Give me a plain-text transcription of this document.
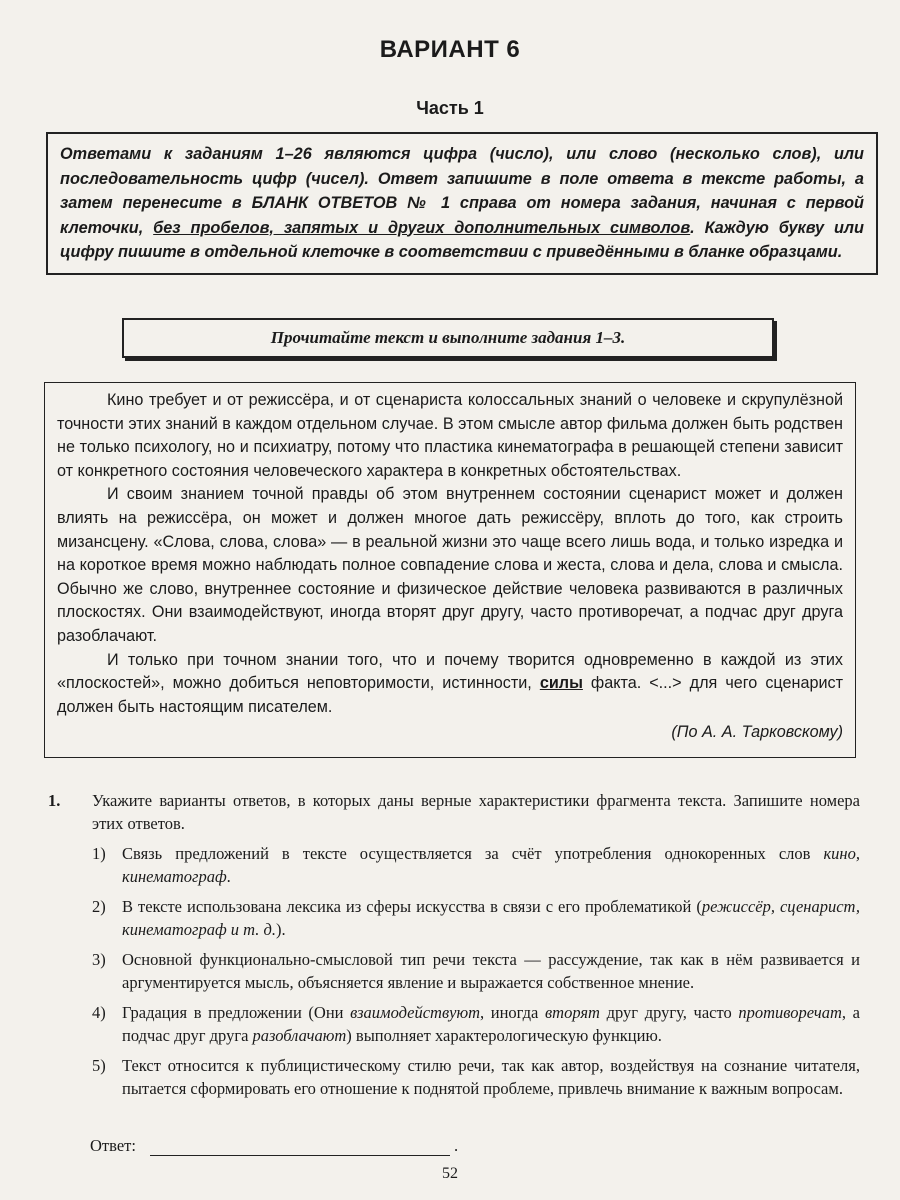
ВАРИАНТ 6
Часть 1
Ответами к заданиям 1–26 являются цифра (число), или слово (несколько слов), или последовательность цифр (чисел). Ответ запишите в поле ответа в тексте работы, а затем перенесите в БЛАНК ОТВЕТОВ № 1 справа от номера задания, начиная с первой клеточки, без пробелов, запятых и других дополнительных символов. Каждую букву или цифру пишите в отдельной клеточке в соответствии с приведёнными в бланке образцами.
Прочитайте текст и выполните задания 1–3.

Кино требует и от режиссёра, и от сценариста колоссальных знаний о человеке и скрупулёзной точности этих знаний в каждом отдельном случае. В этом смысле автор фильма должен быть родствен не только психологу, но и психиатру, потому что пластика кинематографа в решающей степени зависит от конкретного состояния человеческого характера в конкретных обстоятельствах.

И своим знанием точной правды об этом внутреннем состоянии сценарист может и должен влиять на режиссёра, он может и должен многое дать режиссёру, вплоть до того, как строить мизансцену. «Слова, слова, слова» — в реальной жизни это чаще всего лишь вода, и только изредка и на короткое время можно наблюдать полное совпадение слова и жеста, слова и дела, слова и смысла. Обычно же слово, внутреннее состояние и физическое действие человека развиваются в различных плоскостях. Они взаимодействуют, иногда вторят друг другу, часто противоречат, а подчас друг друга разоблачают.

И только при точном знании того, что и почему творится одновременно в каждой из этих «плоскостей», можно добиться неповторимости, истинности, силы факта. <...> для чего сценарист должен быть настоящим писателем.

(По А. А. Тарковскому)

1. Укажите варианты ответов, в которых даны верные характеристики фрагмента текста. Запишите номера этих ответов.
1) Связь предложений в тексте осуществляется за счёт употребления однокоренных слов кино, кинематограф.
2) В тексте использована лексика из сферы искусства в связи с его проблематикой (режиссёр, сценарист, кинематограф и т. д.).
3) Основной функционально-смысловой тип речи текста — рассуждение, так как в нём развивается и аргументируется мысль, объясняется явление и выражается собственное мнение.
4) Градация в предложении (Они взаимодействуют, иногда вторят друг другу, часто противоречат, а подчас друг друга разоблачают) выполняет характерологическую функцию.
5) Текст относится к публицистическому стилю речи, так как автор, воздействуя на сознание читателя, пытается сформировать его отношение к поднятой проблеме, привлечь внимание к важным вопросам.
Ответ:	.
52
